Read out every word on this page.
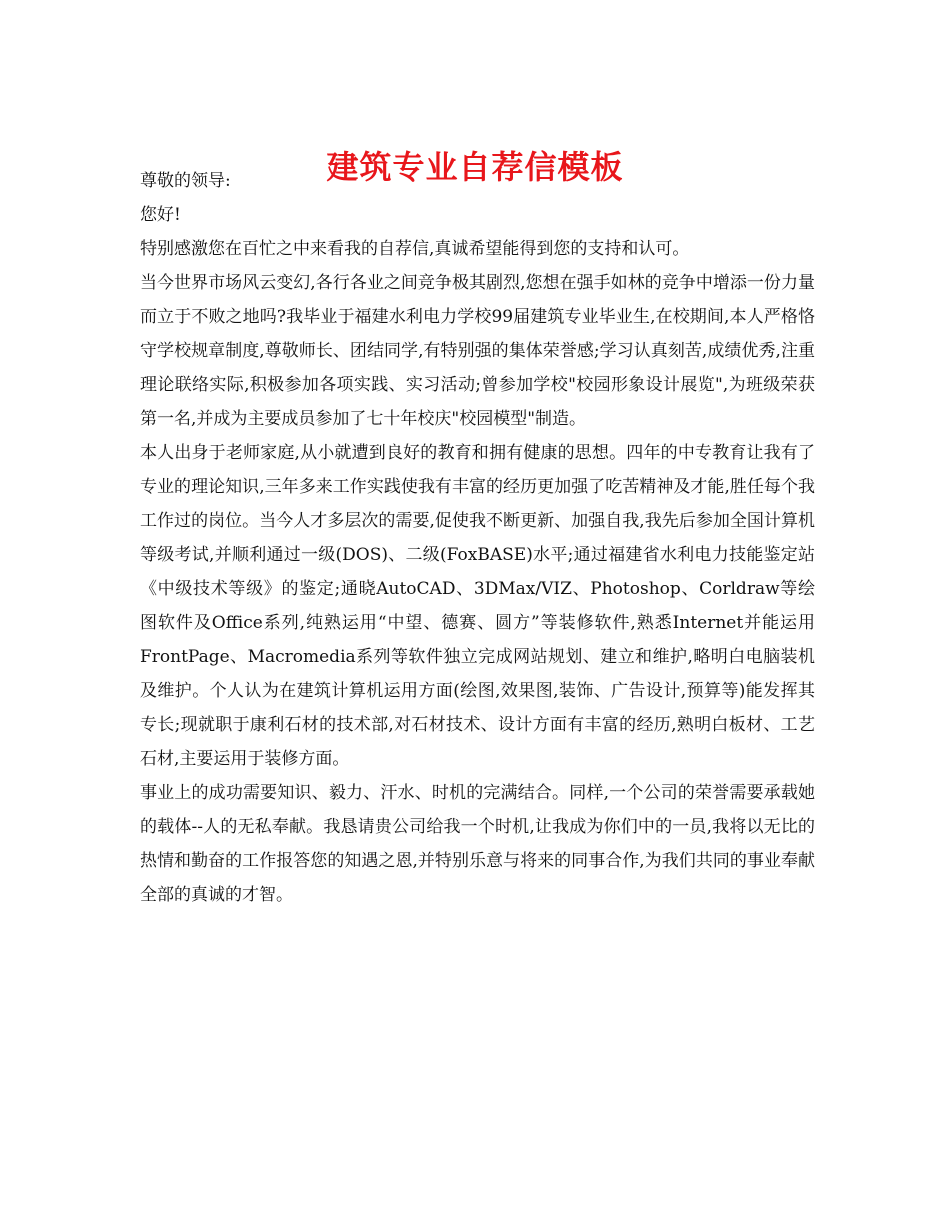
建筑专业自荐信模板

尊敬的领导:

您好!

特别感激您在百忙之中来看我的自荐信,真诚希望能得到您的支持和认可。

当今世界市场风云变幻,各行各业之间竞争极其剧烈,您想在强手如林的竞争中增添一份力量而立于不败之地吗?我毕业于福建水利电力学校99届建筑专业毕业生,在校期间,本人严格恪守学校规章制度,尊敬师长、团结同学,有特别强的集体荣誉感;学习认真刻苦,成绩优秀,注重理论联络实际,积极参加各项实践、实习活动;曾参加学校"校园形象设计展览",为班级荣获第一名,并成为主要成员参加了七十年校庆"校园模型"制造。

本人出身于老师家庭,从小就遭到良好的教育和拥有健康的思想。四年的中专教育让我有了专业的理论知识,三年多来工作实践使我有丰富的经历更加强了吃苦精神及才能,胜任每个我工作过的岗位。当今人才多层次的需要,促使我不断更新、加强自我,我先后参加全国计算机等级考试,并顺利通过一级(DOS)、二级(FoxBASE)水平;通过福建省水利电力技能鉴定站《中级技术等级》的鉴定;通晓AutoCAD、3DMax/VIZ、Photoshop、Corldraw等绘图软件及Office系列,纯熟运用“中望、德赛、圆方”等装修软件,熟悉Internet并能运用FrontPage、Macromedia系列等软件独立完成网站规划、建立和维护,略明白电脑装机及维护。个人认为在建筑计算机运用方面(绘图,效果图,装饰、广告设计,预算等)能发挥其专长;现就职于康利石材的技术部,对石材技术、设计方面有丰富的经历,熟明白板材、工艺石材,主要运用于装修方面。

事业上的成功需要知识、毅力、汗水、时机的完满结合。同样,一个公司的荣誉需要承载她的载体--人的无私奉献。我恳请贵公司给我一个时机,让我成为你们中的一员,我将以无比的热情和勤奋的工作报答您的知遇之恩,并特别乐意与将来的同事合作,为我们共同的事业奉献全部的真诚的才智。
